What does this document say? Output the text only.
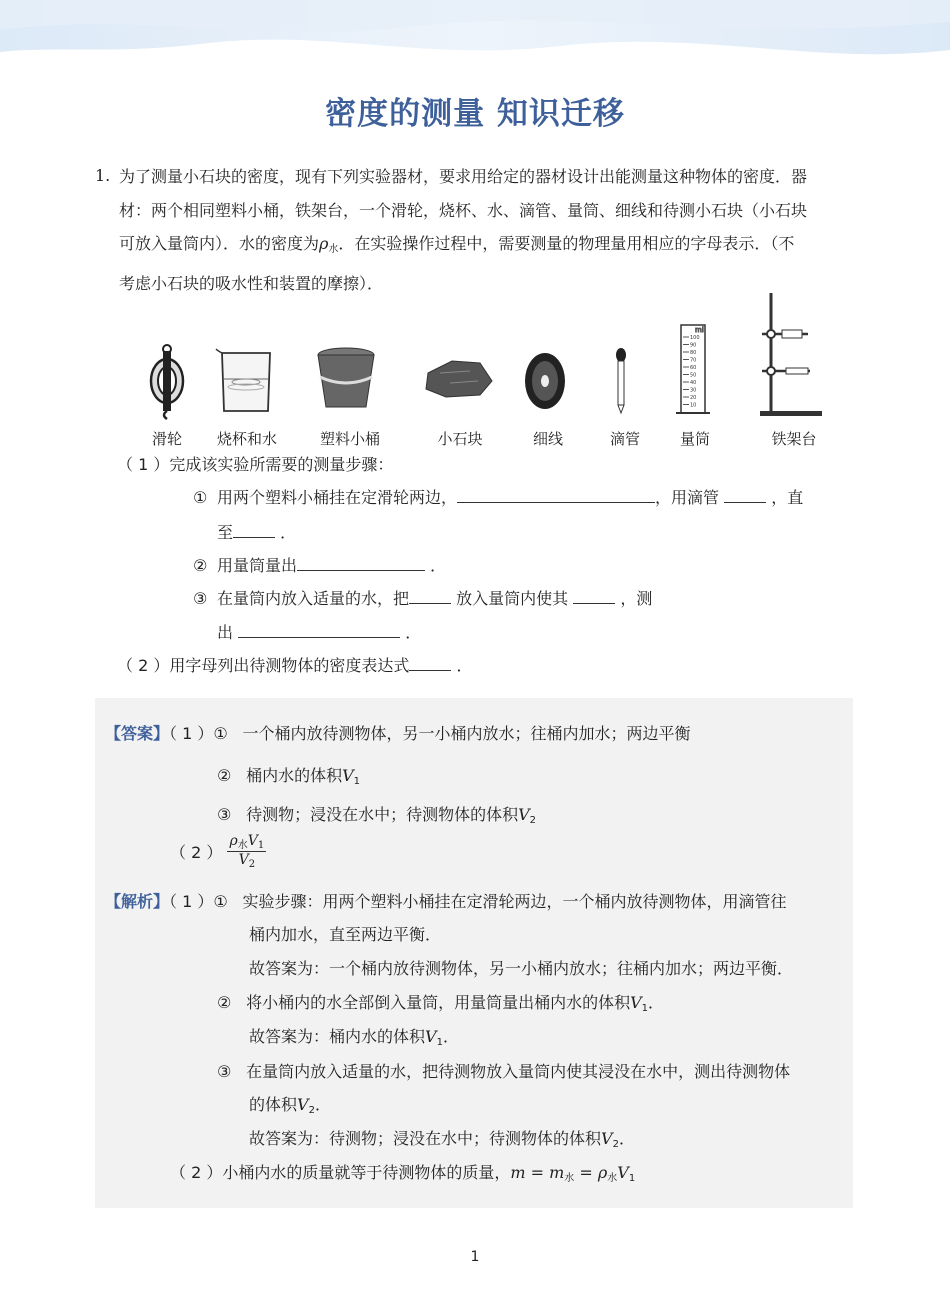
密度的测量 知识迁移
1. 为了测量小石块的密度，现有下列实验器材，要求用给定的器材设计出能测量这种物体的密度．器
材：两个相同塑料小桶，铁架台，一个滑轮，烧杯、水、滴管、量筒、细线和待测小石块（小石块
可放入量筒内）．水的密度为$\rho_水$．在实验操作过程中，需要测量的物理量用相应的字母表示．（不
考虑小石块的吸水性和装置的摩擦）．
ml
100
90
80
70
60
50
40
30
20
10
滑轮	烧杯和水	塑料小桶	小石块	细线	滴管	量筒	铁架台
（ 1 ）完成该实验所需要的测量步骤：
① 用两个塑料小桶挂在定滑轮两边，	，用滴管	，直
至	．
② 用量筒量出	．
③ 在量筒内放入适量的水，把	放入量筒内使其	，测
出	．
（ 2 ）用字母列出待测物体的密度表达式	．
【答案】（ 1 ）① 一个桶内放待测物体，另一小桶内放水；往桶内加水；两边平衡
② 桶内水的体积$V_1$
③ 待测物；浸没在水中；待测物体的体积$V_2$
（ 2 ） $\frac{\rho_水V_1}{V_2}$
【解析】（ 1 ）① 实验步骤：用两个塑料小桶挂在定滑轮两边，一个桶内放待测物体，用滴管往
桶内加水，直至两边平衡．
故答案为：一个桶内放待测物体，另一小桶内放水；往桶内加水；两边平衡．
② 将小桶内的水全部倒入量筒，用量筒量出桶内水的体积$V_1$．
故答案为：桶内水的体积$V_1$．
③ 在量筒内放入适量的水，把待测物放入量筒内使其浸没在水中，测出待测物体
的体积$V_2$．
故答案为：待测物；浸没在水中；待测物体的体积$V_2$．
（ 2 ）小桶内水的质量就等于待测物体的质量，$m = m_水 = \rho_水V_1$
1
